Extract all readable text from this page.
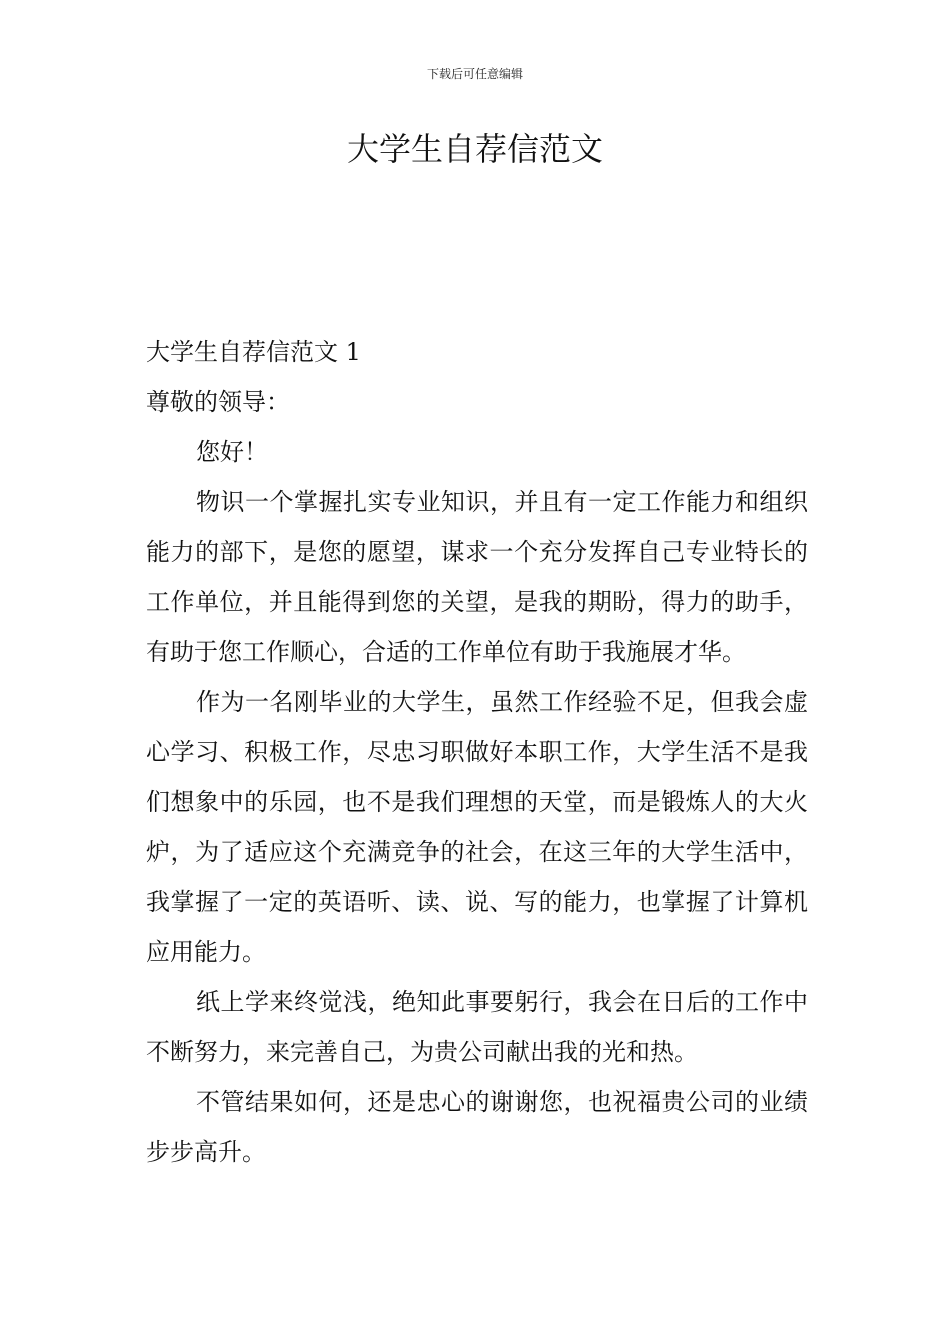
下载后可任意编辑
大学生自荐信范文

大学生自荐信范文 1

尊敬的领导：

您好！

物识一个掌握扎实专业知识，并且有一定工作能力和组织能力的部下，是您的愿望，谋求一个充分发挥自己专业特长的工作单位，并且能得到您的关望，是我的期盼，得力的助手，有助于您工作顺心，合适的工作单位有助于我施展才华。

作为一名刚毕业的大学生，虽然工作经验不足，但我会虚心学习、积极工作，尽忠习职做好本职工作，大学生活不是我们想象中的乐园，也不是我们理想的天堂，而是锻炼人的大火炉，为了适应这个充满竞争的社会，在这三年的大学生活中，我掌握了一定的英语听、读、说、写的能力，也掌握了计算机应用能力。

纸上学来终觉浅，绝知此事要躬行，我会在日后的工作中不断努力，来完善自己，为贵公司献出我的光和热。

不管结果如何，还是忠心的谢谢您，也祝福贵公司的业绩步步高升。
